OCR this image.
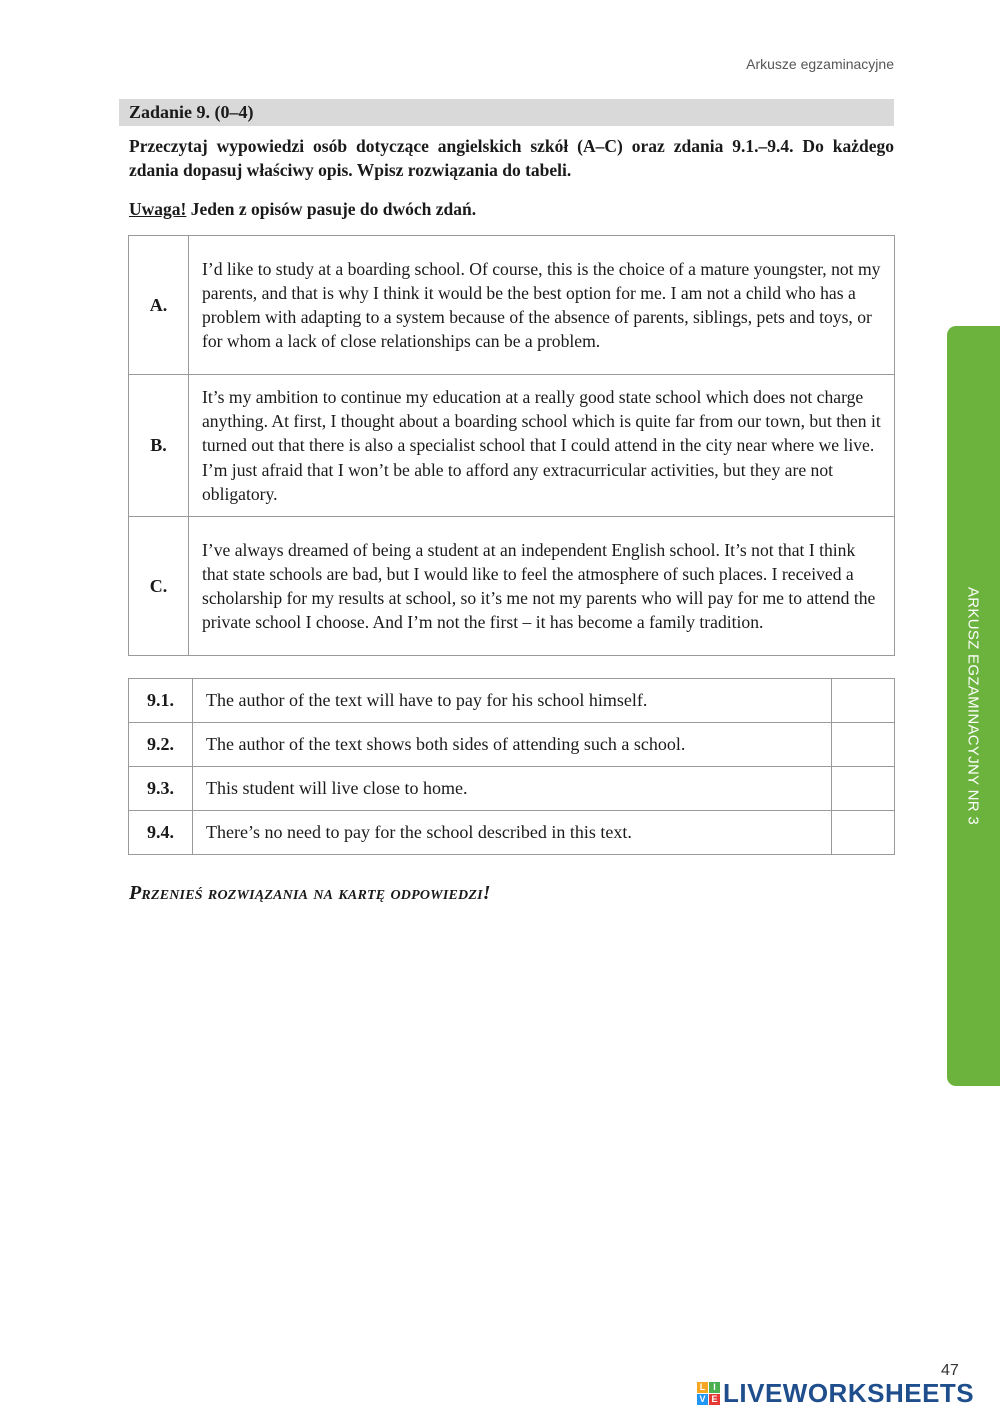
Arkusze egzaminacyjne
Zadanie 9. (0–4)
Przeczytaj wypowiedzi osób dotyczące angielskich szkół (A–C) oraz zdania 9.1.–9.4. Do każdego zdania dopasuj właściwy opis. Wpisz rozwiązania do tabeli.
Uwaga! Jeden z opisów pasuje do dwóch zdań.
A.	I’d like to study at a boarding school. Of course, this is the choice of a mature youngster, not my parents, and that is why I think it would be the best option for me. I am not a child who has a problem with adapting to a system because of the absence of parents, siblings, pets and toys, or for whom a lack of close relationships can be a problem.
B.	It’s my ambition to continue my education at a really good state school which does not charge anything. At first, I thought about a boarding school which is quite far from our town, but then it turned out that there is also a specialist school that I could attend in the city near where we live. I’m just afraid that I won’t be able to afford any extracurricular activities, but they are not obligatory.
C.	I’ve always dreamed of being a student at an independent English school. It’s not that I think that state schools are bad, but I would like to feel the atmosphere of such places. I received a scholarship for my results at school, so it’s me not my parents who will pay for me to attend the private school I choose. And I’m not the first – it has become a family tradition.
9.1.	The author of the text will have to pay for his school himself.	
9.2.	The author of the text shows both sides of attending such a school.	
9.3.	This student will live close to home.	
9.4.	There’s no need to pay for the school described in this text.	
Przenieś rozwiązania na kartę odpowiedzi!
ARKUSZ EGZAMINACYJNY NR 3
47
L I
V E LIVEWORKSHEETS
